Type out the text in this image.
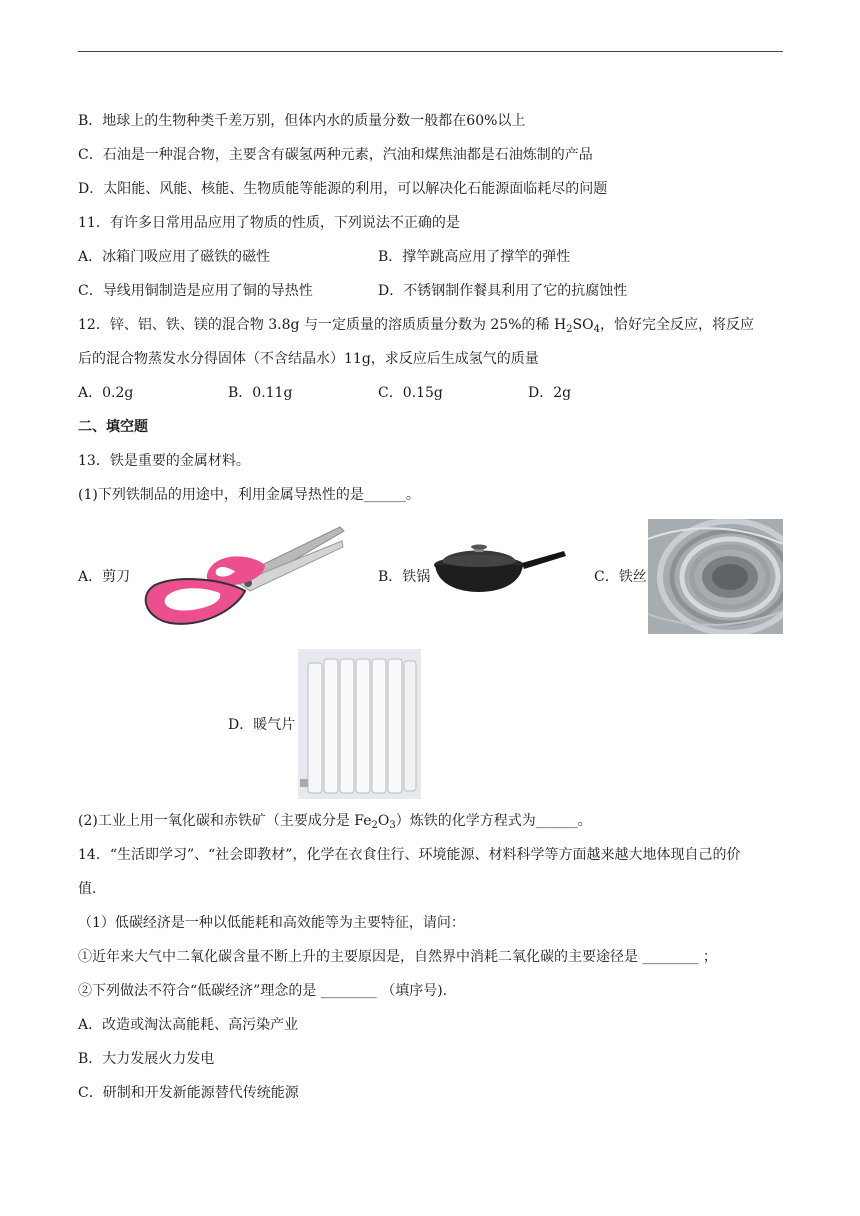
B．地球上的生物种类千差万别，但体内水的质量分数一般都在60%以上
C．石油是一种混合物，主要含有碳氢两种元素，汽油和煤焦油都是石油炼制的产品
D．太阳能、风能、核能、生物质能等能源的利用，可以解决化石能源面临耗尽的问题
11．有许多日常用品应用了物质的性质，下列说法不正确的是
A．冰箱门吸应用了磁铁的磁性	B．撑竿跳高应用了撑竿的弹性
C．导线用铜制造是应用了铜的导热性	D．不锈钢制作餐具利用了它的抗腐蚀性
12．锌、铝、铁、镁的混合物 3.8g 与一定质量的溶质质量分数为 25%的稀 $H_2SO_4$，恰好完全反应，将反应
后的混合物蒸发水分得固体（不含结晶水）11g，求反应后生成氢气的质量
A．0.2g	B．0.11g	C．0.15g	D．2g
二、填空题
13．铁是重要的金属材料。
(1)下列铁制品的用途中，利用金属导热性的是______。
A．剪刀	B．铁锅	C．铁丝
D．暖气片
(2)工业上用一氧化碳和赤铁矿（主要成分是 $Fe_2O_3$）炼铁的化学方程式为______。
14．“生活即学习”、“社会即教材”，化学在衣食住行、环境能源、材料科学等方面越来越大地体现自己的价
值．
（1）低碳经济是一种以低能耗和高效能等为主要特征，请问：
①近年来大气中二氧化碳含量不断上升的主要原因是，自然界中消耗二氧化碳的主要途径是 ________ ；
②下列做法不符合“低碳经济”理念的是 ________ （填序号).
A．改造或淘汰高能耗、高污染产业
B．大力发展火力发电
C．研制和开发新能源替代传统能源
